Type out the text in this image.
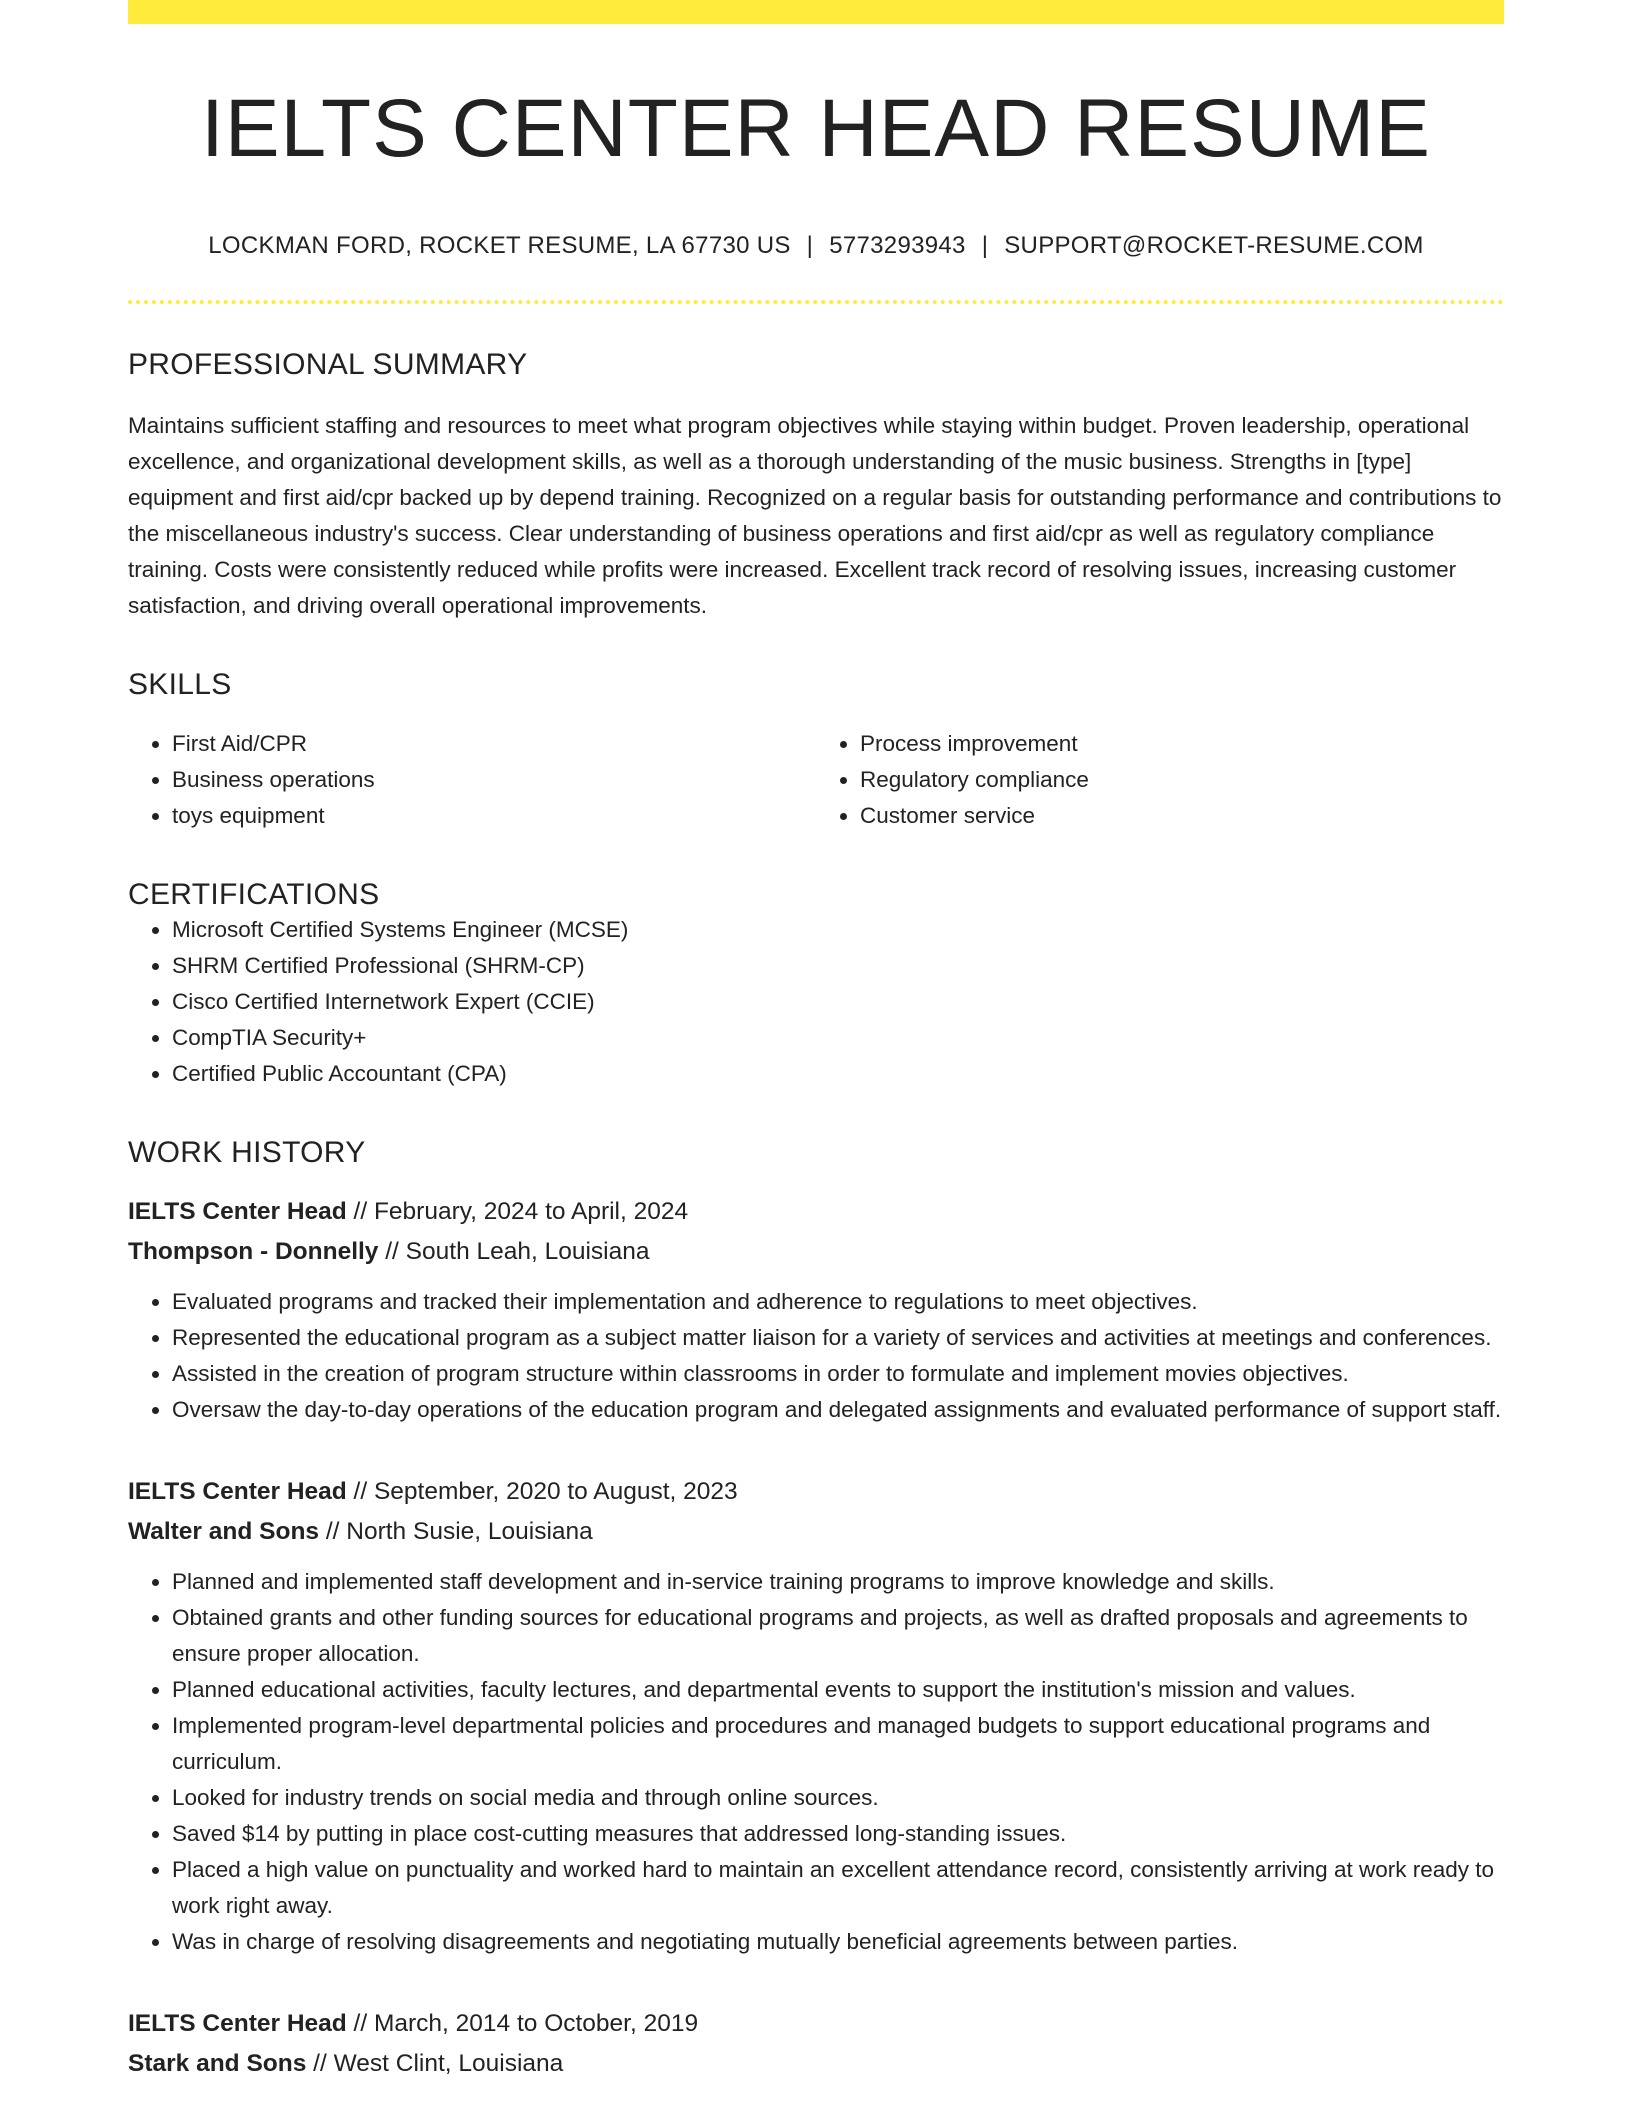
IELTS CENTER HEAD RESUME
LOCKMAN FORD, ROCKET RESUME, LA 67730 US | 5773293943 | SUPPORT@ROCKET-RESUME.COM
PROFESSIONAL SUMMARY

Maintains sufficient staffing and resources to meet what program objectives while staying within budget. Proven leadership, operational excellence, and organizational development skills, as well as a thorough understanding of the music business. Strengths in [type] equipment and first aid/cpr backed up by depend training. Recognized on a regular basis for outstanding performance and contributions to the miscellaneous industry's success. Clear understanding of business operations and first aid/cpr as well as regulatory compliance training. Costs were consistently reduced while profits were increased. Excellent track record of resolving issues, increasing customer satisfaction, and driving overall operational improvements.

SKILLS
• First Aid/CPR
• Business operations
• toys equipment
• Process improvement
• Regulatory compliance
• Customer service
CERTIFICATIONS
• Microsoft Certified Systems Engineer (MCSE)
• SHRM Certified Professional (SHRM-CP)
• Cisco Certified Internetwork Expert (CCIE)
• CompTIA Security+
• Certified Public Accountant (CPA)
WORK HISTORY
IELTS Center Head // February, 2024 to April, 2024
Thompson - Donnelly // South Leah, Louisiana
• Evaluated programs and tracked their implementation and adherence to regulations to meet objectives.
• Represented the educational program as a subject matter liaison for a variety of services and activities at meetings and conferences.
• Assisted in the creation of program structure within classrooms in order to formulate and implement movies objectives.
• Oversaw the day-to-day operations of the education program and delegated assignments and evaluated performance of support staff.
IELTS Center Head // September, 2020 to August, 2023
Walter and Sons // North Susie, Louisiana
• Planned and implemented staff development and in-service training programs to improve knowledge and skills.
• Obtained grants and other funding sources for educational programs and projects, as well as drafted proposals and agreements to ensure proper allocation.
• Planned educational activities, faculty lectures, and departmental events to support the institution's mission and values.
• Implemented program-level departmental policies and procedures and managed budgets to support educational programs and curriculum.
• Looked for industry trends on social media and through online sources.
• Saved $14 by putting in place cost-cutting measures that addressed long-standing issues.
• Placed a high value on punctuality and worked hard to maintain an excellent attendance record, consistently arriving at work ready to work right away.
• Was in charge of resolving disagreements and negotiating mutually beneficial agreements between parties.
IELTS Center Head // March, 2014 to October, 2019
Stark and Sons // West Clint, Louisiana
